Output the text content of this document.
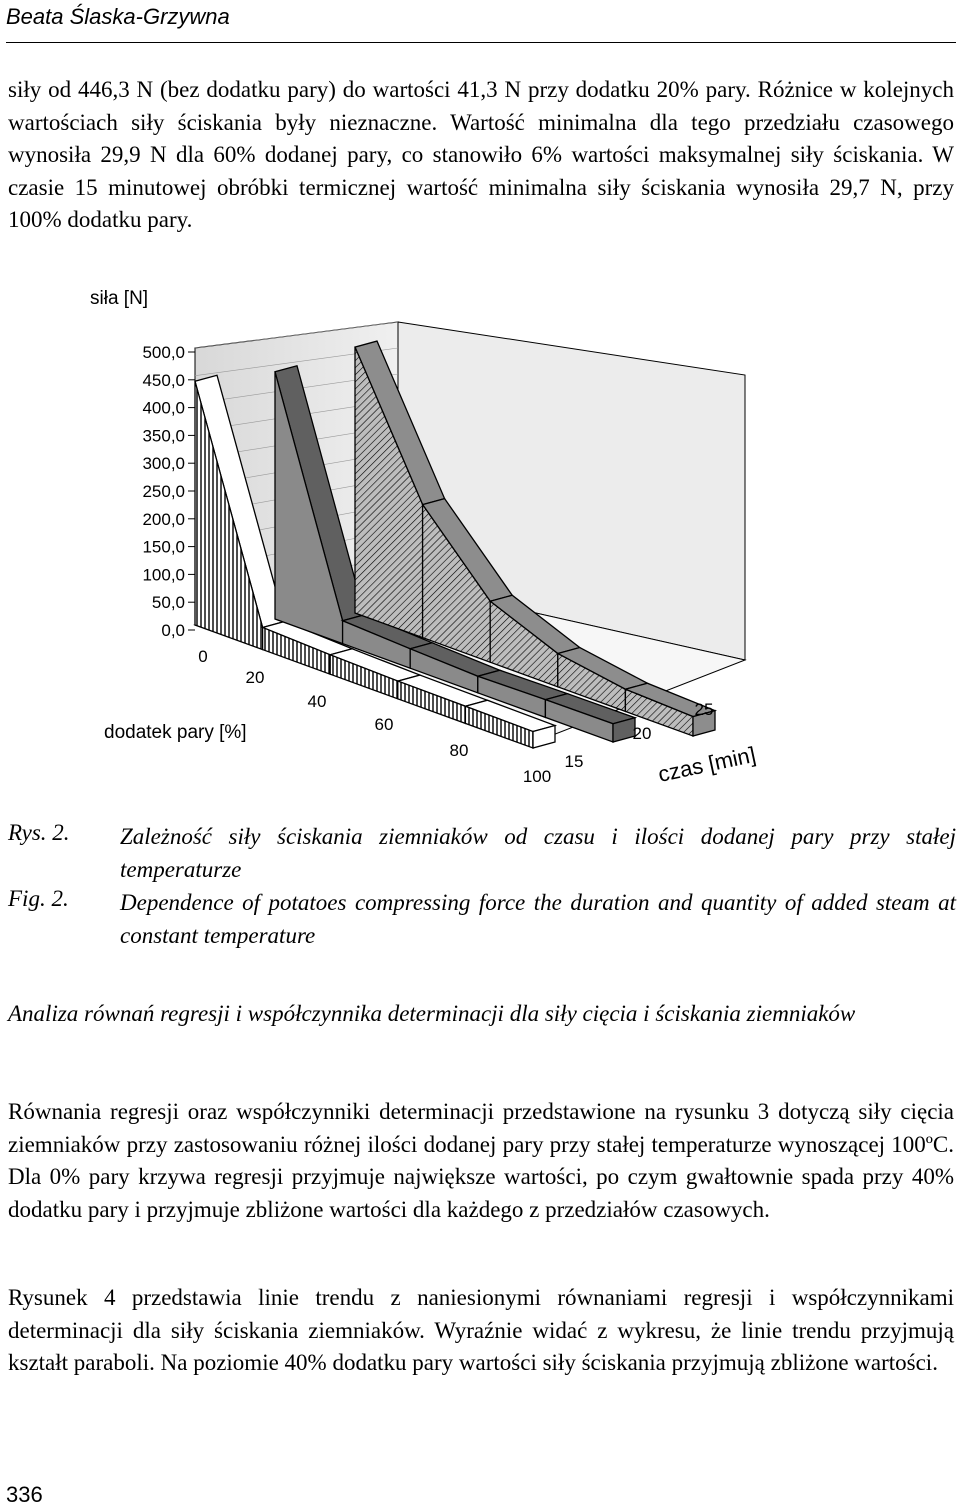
Beata Ślaska-Grzywna
siły od 446,3 N (bez dodatku pary) do wartości 41,3 N przy dodatku 20% pary. Różnice w kolejnych wartościach siły ściskania były nieznaczne. Wartość minimalna dla tego przedziału czasowego wynosiła 29,9 N dla 60% dodanej pary, co stanowiło 6% wartości maksymalnej siły ściskania. W czasie 15 minutowej obróbki termicznej wartość minimalna siły ściskania wynosiła 29,7 N, przy 100% dodatku pary.
500,0
450,0
400,0
350,0
300,0
250,0
200,0
150,0
100,0
50,0
0,0
0
20
40
60
80
100
15
20
25
siła [N]
dodatek pary [%]
czas [min]
Rys. 2. Zależność siły ściskania ziemniaków od czasu i ilości dodanej pary przy stałej temperaturze
Fig. 2. Dependence of potatoes compressing force the duration and quantity of added steam at constant temperature
Analiza równań regresji i współczynnika determinacji dla siły cięcia i ściskania ziemniaków
Równania regresji oraz współczynniki determinacji przedstawione na rysunku 3 dotyczą siły cięcia ziemniaków przy zastosowaniu różnej ilości dodanej pary przy stałej temperaturze wynoszącej 100ºC. Dla 0% pary krzywa regresji przyjmuje największe wartości, po czym gwałtownie spada przy 40% dodatku pary i przyjmuje zbliżone wartości dla każdego z przedziałów czasowych.
Rysunek 4 przedstawia linie trendu z naniesionymi równaniami regresji i współczynnikami determinacji dla siły ściskania ziemniaków. Wyraźnie widać z wykresu, że linie trendu przyjmują kształt paraboli. Na poziomie 40% dodatku pary wartości siły ściskania przyjmują zbliżone wartości.
336
